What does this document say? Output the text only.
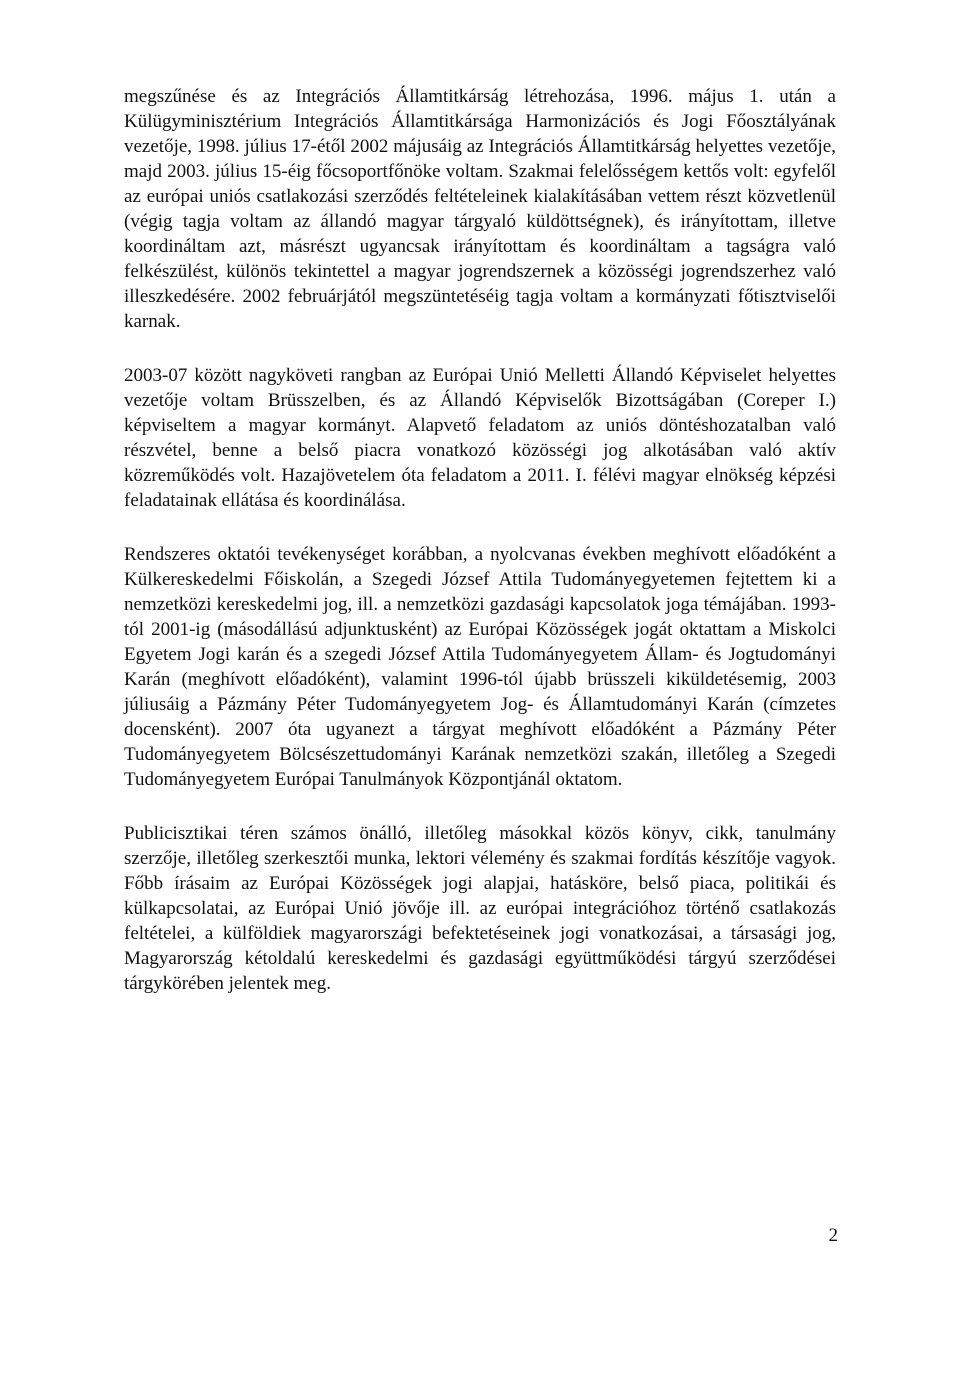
megszűnése és az Integrációs Államtitkárság létrehozása, 1996. május 1. után a Külügyminisztérium Integrációs Államtitkársága Harmonizációs és Jogi Főosztályának vezetője, 1998. július 17-étől 2002 májusáig az Integrációs Államtitkárság helyettes vezetője, majd 2003. július 15-éig főcsoportfőnöke voltam. Szakmai felelősségem kettős volt: egyfelől az európai uniós csatlakozási szerződés feltételeinek kialakításában vettem részt közvetlenül (végig tagja voltam az állandó magyar tárgyaló küldöttségnek), és irányítottam, illetve koordináltam azt, másrészt ugyancsak irányítottam és koordináltam a tagságra való felkészülést, különös tekintettel a magyar jogrendszernek a közösségi jogrendszerhez való illeszkedésére. 2002 februárjától megszüntetéséig tagja voltam a kormányzati főtisztviselői karnak.

2003-07 között nagyköveti rangban az Európai Unió Melletti Állandó Képviselet helyettes vezetője voltam Brüsszelben, és az Állandó Képviselők Bizottságában (Coreper I.) képviseltem a magyar kormányt. Alapvető feladatom az uniós döntéshozatalban való részvétel, benne a belső piacra vonatkozó közösségi jog alkotásában való aktív közreműködés volt. Hazajövetelem óta feladatom a 2011. I. félévi magyar elnökség képzési feladatainak ellátása és koordinálása.

Rendszeres oktatói tevékenységet korábban, a nyolcvanas években meghívott előadóként a Külkereskedelmi Főiskolán, a Szegedi József Attila Tudományegyetemen fejtettem ki a nemzetközi kereskedelmi jog, ill. a nemzetközi gazdasági kapcsolatok joga témájában. 1993-tól 2001-ig (másodállású adjunktusként) az Európai Közösségek jogát oktattam a Miskolci Egyetem Jogi karán és a szegedi József Attila Tudományegyetem Állam- és Jogtudományi Karán (meghívott előadóként), valamint 1996-tól újabb brüsszeli kiküldetésemig, 2003 júliusáig a Pázmány Péter Tudományegyetem Jog- és Államtudományi Karán (címzetes docensként). 2007 óta ugyanezt a tárgyat meghívott előadóként a Pázmány Péter Tudományegyetem Bölcsészettudományi Karának nemzetközi szakán, illetőleg a Szegedi Tudományegyetem Európai Tanulmányok Központjánál oktatom.

Publicisztikai téren számos önálló, illetőleg másokkal közös könyv, cikk, tanulmány szerzője, illetőleg szerkesztői munka, lektori vélemény és szakmai fordítás készítője vagyok. Főbb írásaim az Európai Közösségek jogi alapjai, hatásköre, belső piaca, politikái és külkapcsolatai, az Európai Unió jövője ill. az európai integrációhoz történő csatlakozás feltételei, a külföldiek magyarországi befektetéseinek jogi vonatkozásai, a társasági jog, Magyarország kétoldalú kereskedelmi és gazdasági együttműködési tárgyú szerződései tárgykörében jelentek meg.

2
